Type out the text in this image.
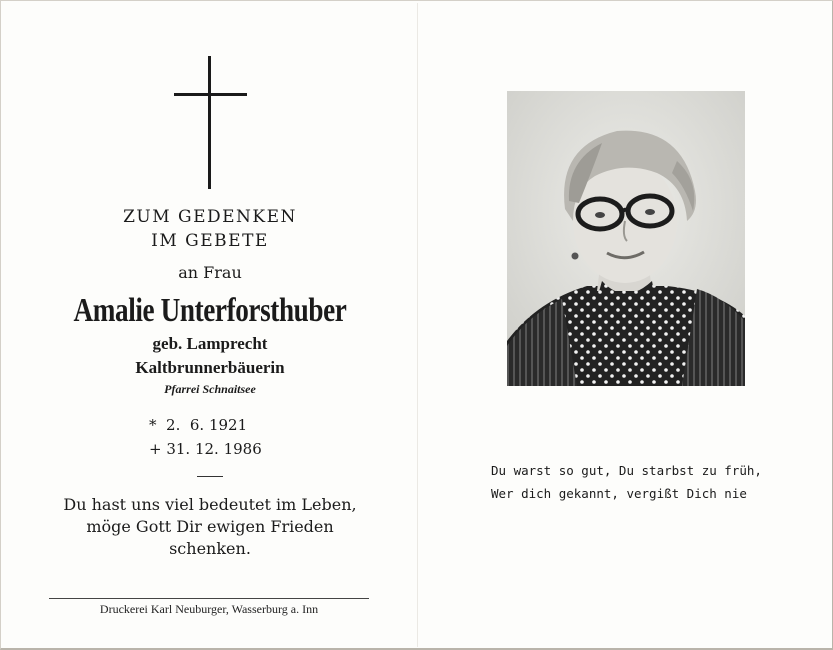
ZUM GEDENKEN
IM GEBETE
an Frau
Amalie Unterforsthuber
geb. Lamprecht
Kaltbrunnerbäuerin
Pfarrei Schnaitsee
*  2.  6. 1921
+ 31. 12. 1986
Du hast uns viel bedeutet im Leben,
möge Gott Dir ewigen Frieden
schenken.
Druckerei Karl Neuburger, Wasserburg a. Inn
Du warst so gut, Du starbst zu früh,
Wer dich gekannt, vergißt Dich nie
